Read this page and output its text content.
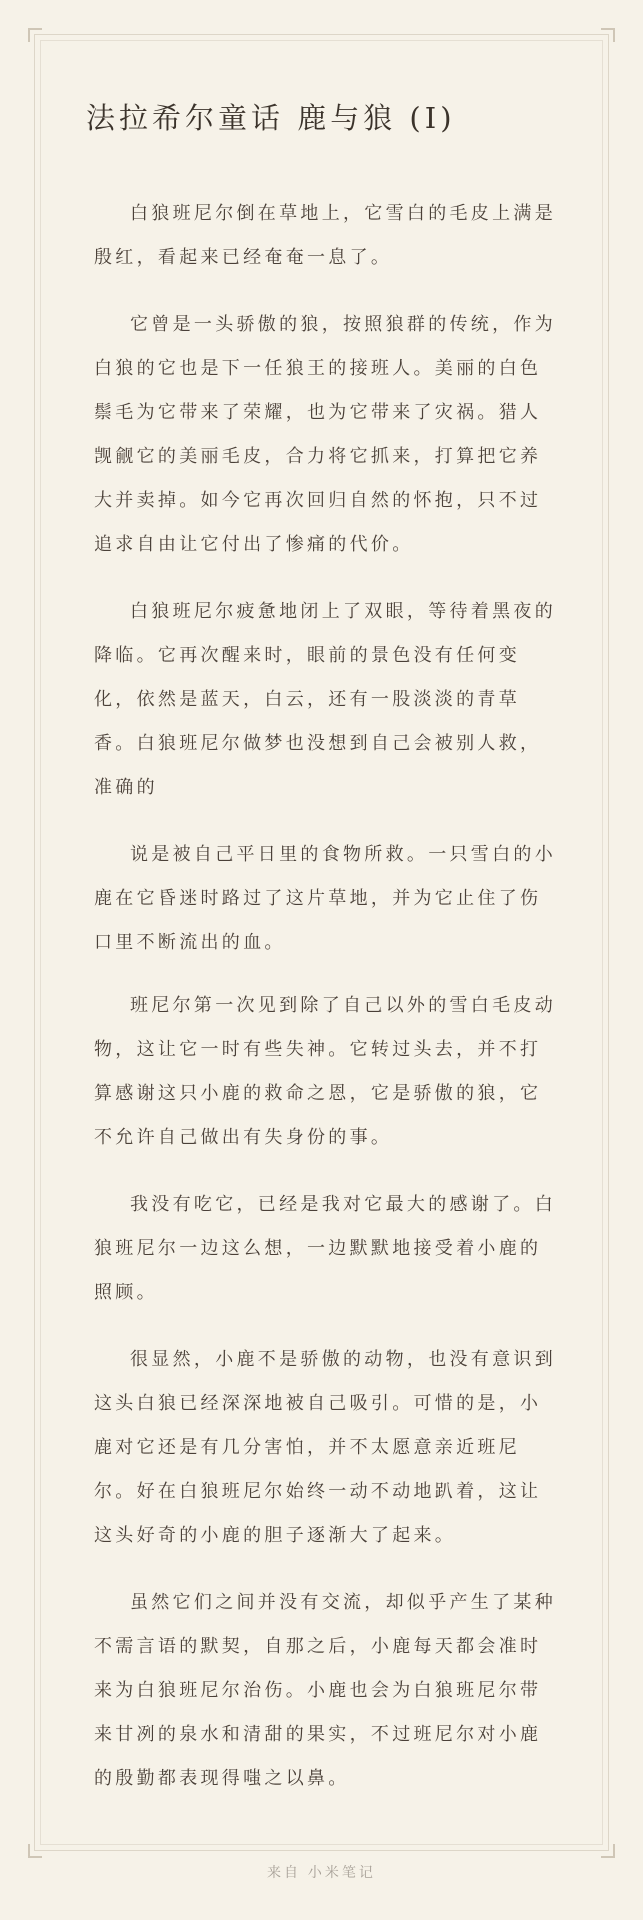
法拉希尔童话 鹿与狼 (I)

白狼班尼尔倒在草地上，它雪白的毛皮上满是殷红，看起来已经奄奄一息了。

它曾是一头骄傲的狼，按照狼群的传统，作为白狼的它也是下一任狼王的接班人。美丽的白色鬃毛为它带来了荣耀，也为它带来了灾祸。猎人觊觎它的美丽毛皮，合力将它抓来，打算把它养大并卖掉。如今它再次回归自然的怀抱，只不过追求自由让它付出了惨痛的代价。

白狼班尼尔疲惫地闭上了双眼，等待着黑夜的降临。它再次醒来时，眼前的景色没有任何变化，依然是蓝天，白云，还有一股淡淡的青草香。白狼班尼尔做梦也没想到自己会被别人救，准确的

说是被自己平日里的食物所救。一只雪白的小鹿在它昏迷时路过了这片草地，并为它止住了伤口里不断流出的血。

班尼尔第一次见到除了自己以外的雪白毛皮动物，这让它一时有些失神。它转过头去，并不打算感谢这只小鹿的救命之恩，它是骄傲的狼，它不允许自己做出有失身份的事。

我没有吃它，已经是我对它最大的感谢了。白狼班尼尔一边这么想，一边默默地接受着小鹿的照顾。

很显然，小鹿不是骄傲的动物，也没有意识到这头白狼已经深深地被自己吸引。可惜的是，小鹿对它还是有几分害怕，并不太愿意亲近班尼尔。好在白狼班尼尔始终一动不动地趴着，这让这头好奇的小鹿的胆子逐渐大了起来。

虽然它们之间并没有交流，却似乎产生了某种不需言语的默契，自那之后，小鹿每天都会准时来为白狼班尼尔治伤。小鹿也会为白狼班尼尔带来甘冽的泉水和清甜的果实，不过班尼尔对小鹿的殷勤都表现得嗤之以鼻。

来自 小米笔记
